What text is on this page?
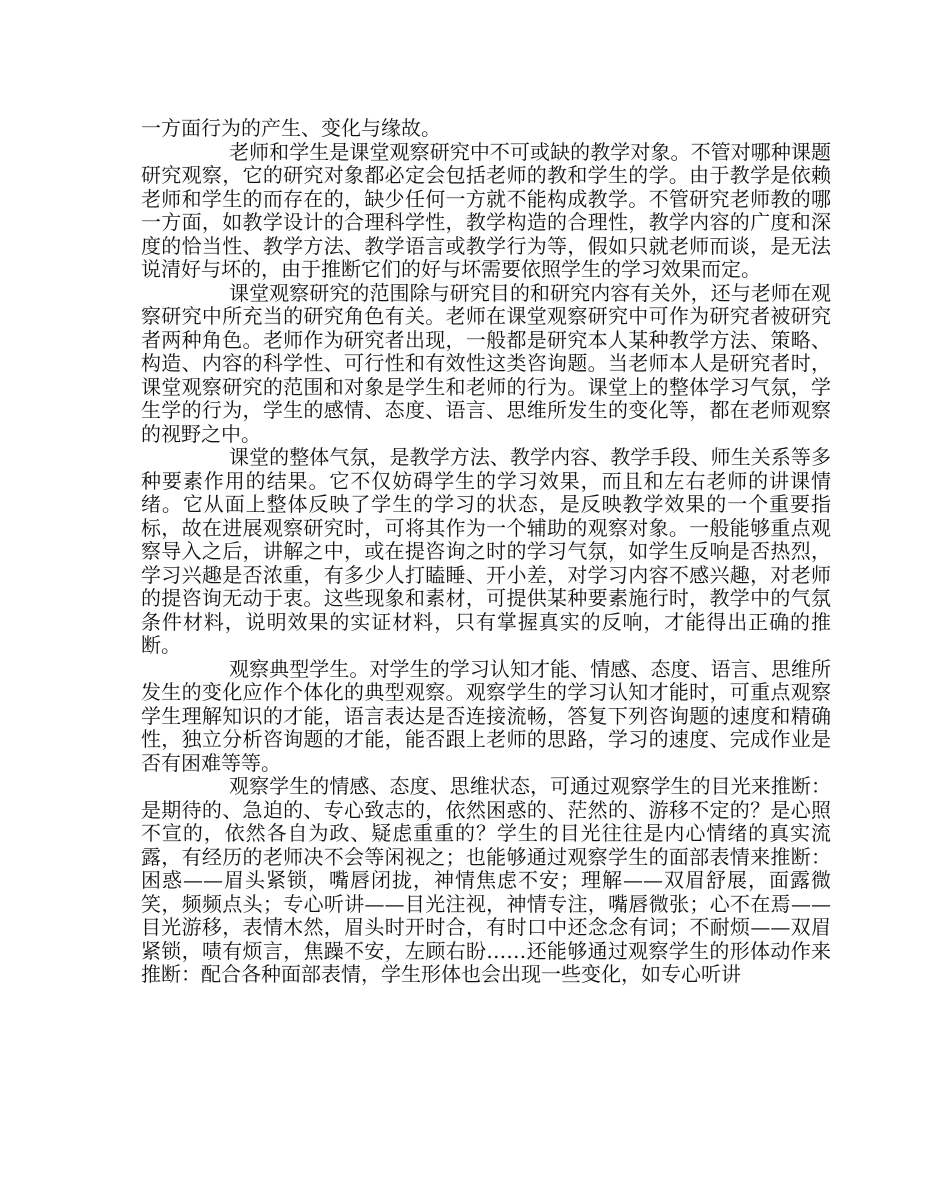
一方面行为的产生、变化与缘故。

老师和学生是课堂观察研究中不可或缺的教学对象。不管对哪种课题研究观察，它的研究对象都必定会包括老师的教和学生的学。由于教学是依赖老师和学生的而存在的，缺少任何一方就不能构成教学。不管研究老师教的哪一方面，如教学设计的合理科学性，教学构造的合理性，教学内容的广度和深度的恰当性、教学方法、教学语言或教学行为等，假如只就老师而谈，是无法说清好与坏的，由于推断它们的好与坏需要依照学生的学习效果而定。

课堂观察研究的范围除与研究目的和研究内容有关外，还与老师在观察研究中所充当的研究角色有关。老师在课堂观察研究中可作为研究者被研究者两种角色。老师作为研究者出现，一般都是研究本人某种教学方法、策略、构造、内容的科学性、可行性和有效性这类咨询题。当老师本人是研究者时，课堂观察研究的范围和对象是学生和老师的行为。课堂上的整体学习气氛，学生学的行为，学生的感情、态度、语言、思维所发生的变化等，都在老师观察的视野之中。

课堂的整体气氛，是教学方法、教学内容、教学手段、师生关系等多种要素作用的结果。它不仅妨碍学生的学习效果，而且和左右老师的讲课情绪。它从面上整体反映了学生的学习的状态，是反映教学效果的一个重要指标，故在进展观察研究时，可将其作为一个辅助的观察对象。一般能够重点观察导入之后，讲解之中，或在提咨询之时的学习气氛，如学生反响是否热烈，学习兴趣是否浓重，有多少人打瞌睡、开小差，对学习内容不感兴趣，对老师的提咨询无动于衷。这些现象和素材，可提供某种要素施行时，教学中的气氛条件材料，说明效果的实证材料，只有掌握真实的反响，才能得出正确的推断。

观察典型学生。对学生的学习认知才能、情感、态度、语言、思维所发生的变化应作个体化的典型观察。观察学生的学习认知才能时，可重点观察学生理解知识的才能，语言表达是否连接流畅，答复下列咨询题的速度和精确性，独立分析咨询题的才能，能否跟上老师的思路，学习的速度、完成作业是否有困难等等。

观察学生的情感、态度、思维状态，可通过观察学生的目光来推断：是期待的、急迫的、专心致志的，依然困惑的、茫然的、游移不定的？是心照不宣的，依然各自为政、疑虑重重的？学生的目光往往是内心情绪的真实流露，有经历的老师决不会等闲视之；也能够通过观察学生的面部表情来推断：困惑——眉头紧锁，嘴唇闭拢，神情焦虑不安；理解——双眉舒展，面露微笑，频频点头；专心听讲——目光注视，神情专注，嘴唇微张；心不在焉——目光游移，表情木然，眉头时开时合，有时口中还念念有词；不耐烦——双眉紧锁，啧有烦言，焦躁不安，左顾右盼……还能够通过观察学生的形体动作来推断：配合各种面部表情，学生形体也会出现一些变化，如专心听讲
